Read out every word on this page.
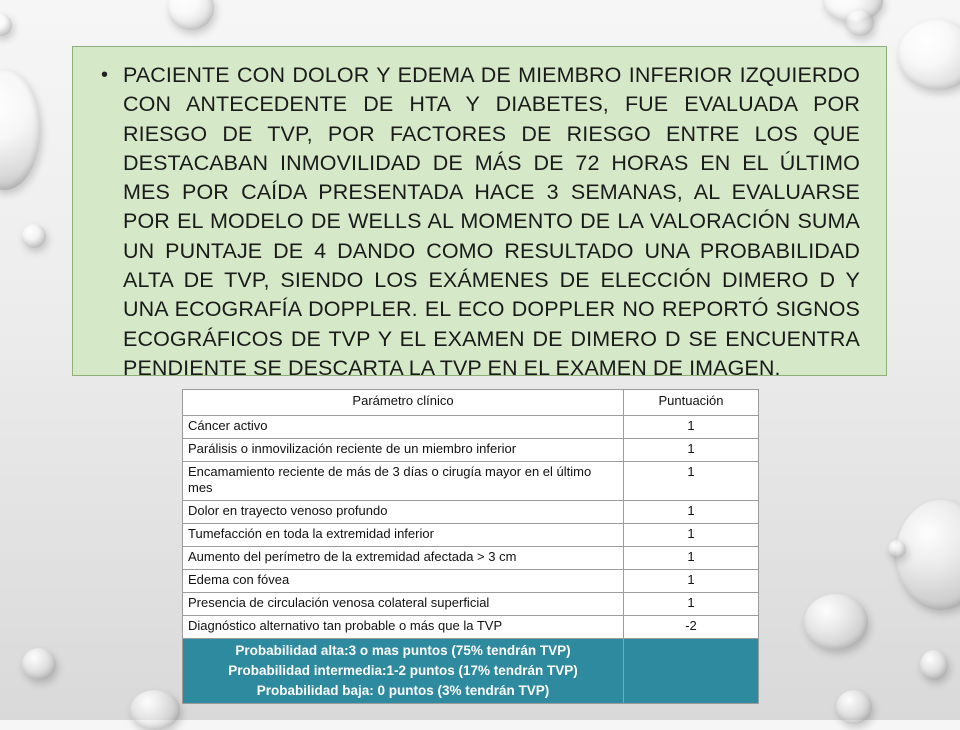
• PACIENTE CON DOLOR Y EDEMA DE MIEMBRO INFERIOR IZQUIERDO CON ANTECEDENTE DE HTA Y DIABETES, FUE EVALUADA POR RIESGO DE TVP, POR FACTORES DE RIESGO ENTRE LOS QUE DESTACABAN INMOVILIDAD DE MÁS DE 72 HORAS EN EL ÚLTIMO MES POR CAÍDA PRESENTADA HACE 3 SEMANAS, AL EVALUARSE POR EL MODELO DE WELLS AL MOMENTO DE LA VALORACIÓN SUMA UN PUNTAJE DE 4 DANDO COMO RESULTADO UNA PROBABILIDAD ALTA DE TVP, SIENDO LOS EXÁMENES DE ELECCIÓN DIMERO D Y UNA ECOGRAFÍA DOPPLER. EL ECO DOPPLER NO REPORTÓ SIGNOS ECOGRÁFICOS DE TVP Y EL EXAMEN DE DIMERO D SE ENCUENTRA PENDIENTE SE DESCARTA LA TVP EN EL EXAMEN DE IMAGEN.

Parámetro clínico	Puntuación
Cáncer activo	1
Parálisis o inmovilización reciente de un miembro inferior	1
Encamamiento reciente de más de 3 días o cirugía mayor en el último mes	1
Dolor en trayecto venoso profundo	1
Tumefacción en toda la extremidad inferior	1
Aumento del perímetro de la extremidad afectada > 3 cm	1
Edema con fóvea	1
Presencia de circulación venosa colateral superficial	1
Diagnóstico alternativo tan probable o más que la TVP	-2

Probabilidad alta:3 o mas puntos (75% tendrán TVP)
Probabilidad intermedia:1-2 puntos (17% tendrán TVP)
Probabilidad baja: 0 puntos (3% tendrán TVP)	
